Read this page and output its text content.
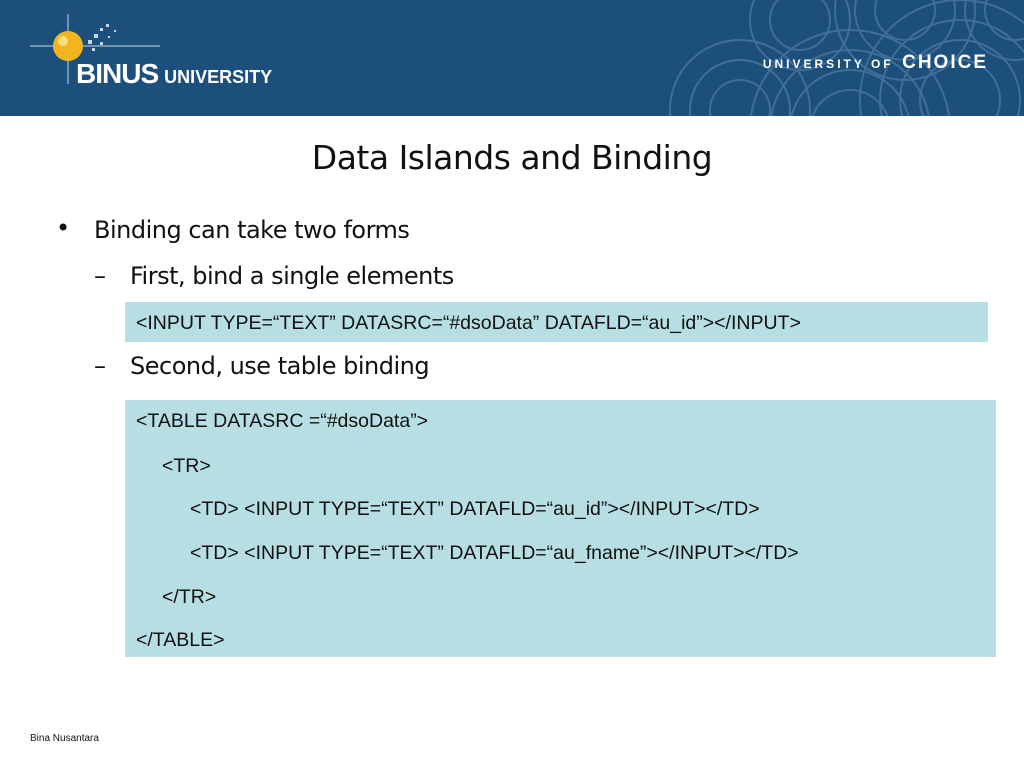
BINUS UNIVERSITY
UNIVERSITY OF CHOICE
Data Islands and Binding
• Binding can take two forms
– First, bind a single elements
<INPUT TYPE=“TEXT” DATASRC=“#dsoData” DATAFLD=“au_id”></INPUT>
– Second, use table binding
<TABLE DATASRC =“#dsoData”>
<TR>
<TD> <INPUT TYPE=“TEXT” DATAFLD=“au_id”></INPUT></TD>
<TD> <INPUT TYPE=“TEXT” DATAFLD=“au_fname”></INPUT></TD>
</TR>
</TABLE>
Bina Nusantara
